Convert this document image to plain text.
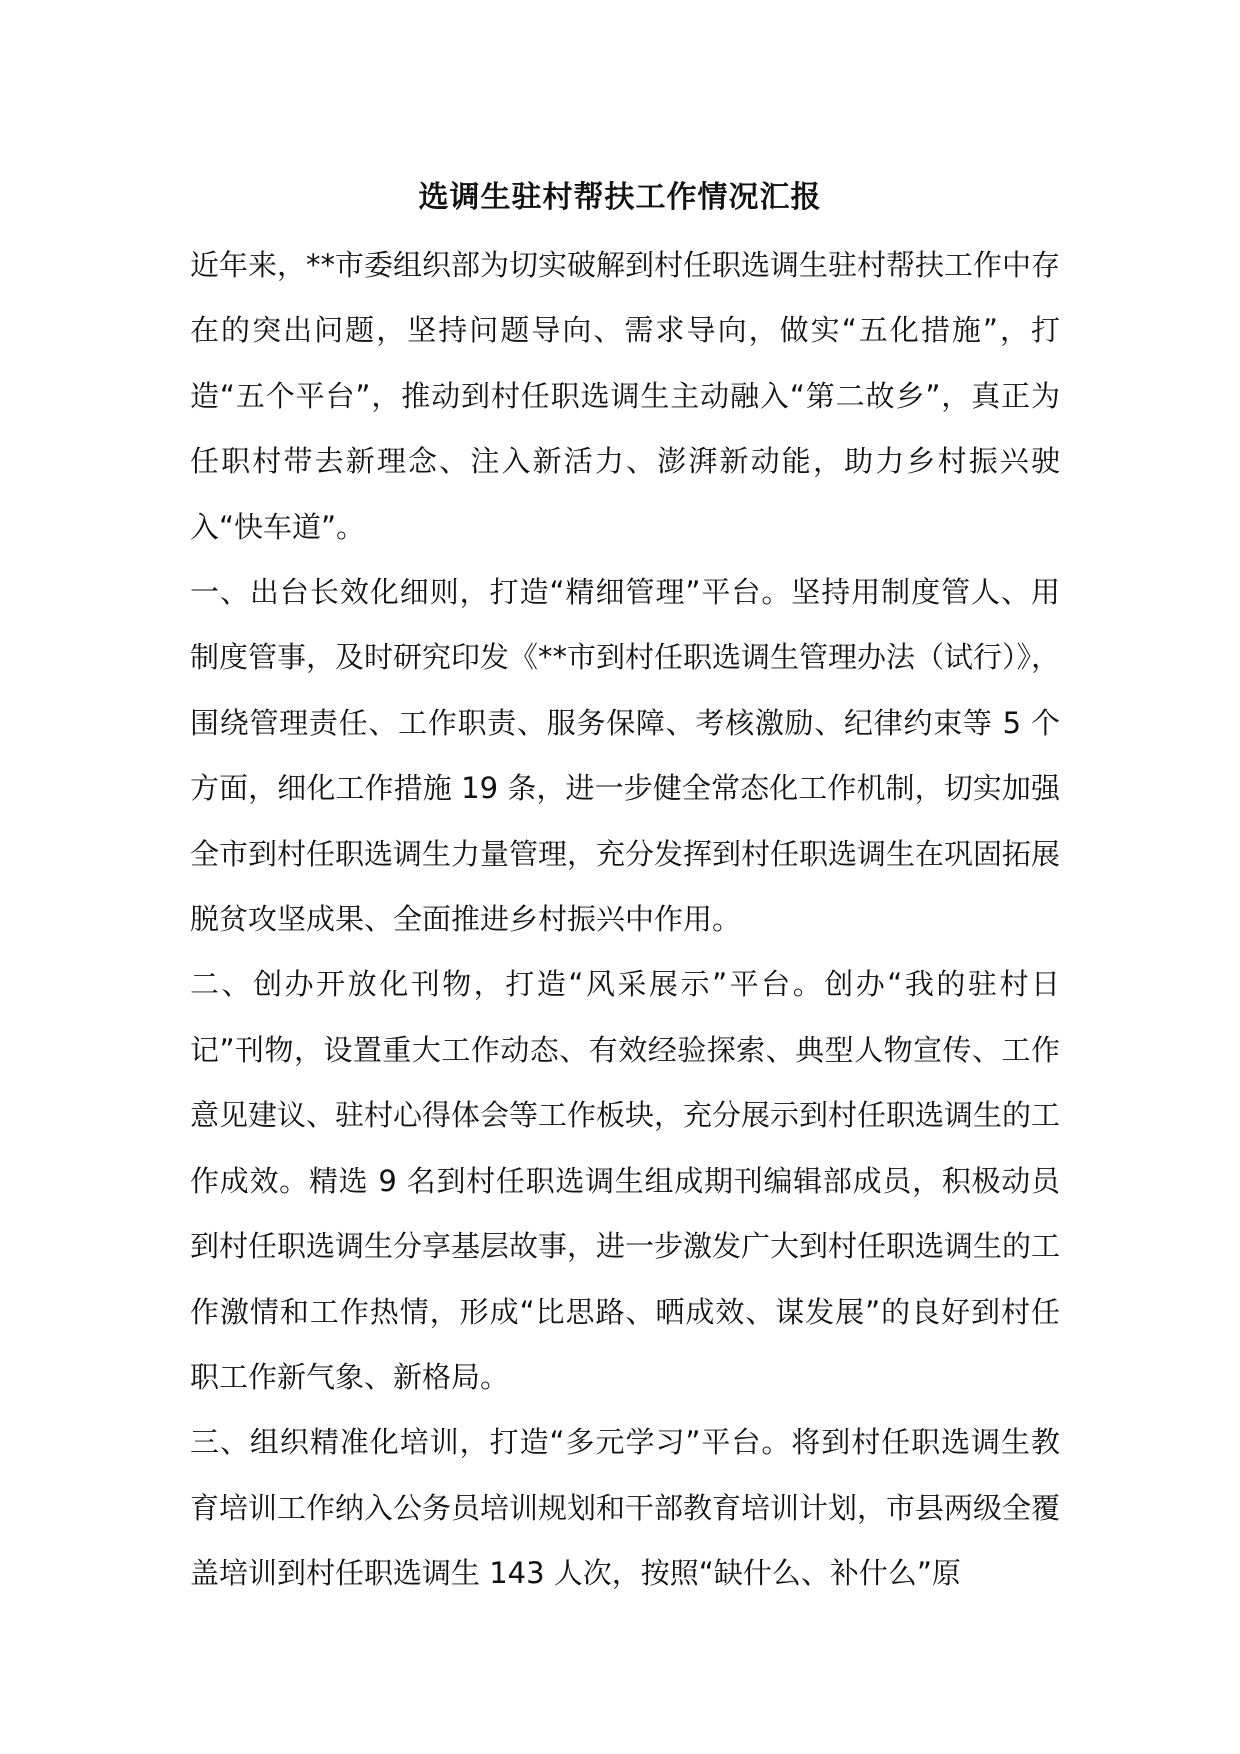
选调生驻村帮扶工作情况汇报

近年来，**市委组织部为切实破解到村任职选调生驻村帮扶工作中存在的突出问题，坚持问题导向、需求导向，做实“五化措施”，打造“五个平台”，推动到村任职选调生主动融入“第二故乡”，真正为任职村带去新理念、注入新活力、澎湃新动能，助力乡村振兴驶入“快车道”。

一、出台长效化细则，打造“精细管理”平台。坚持用制度管人、用制度管事，及时研究印发《**市到村任职选调生管理办法（试行）》，围绕管理责任、工作职责、服务保障、考核激励、纪律约束等 5 个方面，细化工作措施 19 条，进一步健全常态化工作机制，切实加强全市到村任职选调生力量管理，充分发挥到村任职选调生在巩固拓展脱贫攻坚成果、全面推进乡村振兴中作用。

二、创办开放化刊物，打造“风采展示”平台。创办“我的驻村日记”刊物，设置重大工作动态、有效经验探索、典型人物宣传、工作意见建议、驻村心得体会等工作板块，充分展示到村任职选调生的工作成效。精选 9 名到村任职选调生组成期刊编辑部成员，积极动员到村任职选调生分享基层故事，进一步激发广大到村任职选调生的工作激情和工作热情，形成“比思路、晒成效、谋发展”的良好到村任职工作新气象、新格局。

三、组织精准化培训，打造“多元学习”平台。将到村任职选调生教育培训工作纳入公务员培训规划和干部教育培训计划，市县两级全覆盖培训到村任职选调生 143 人次，按照“缺什么、补什么”原
